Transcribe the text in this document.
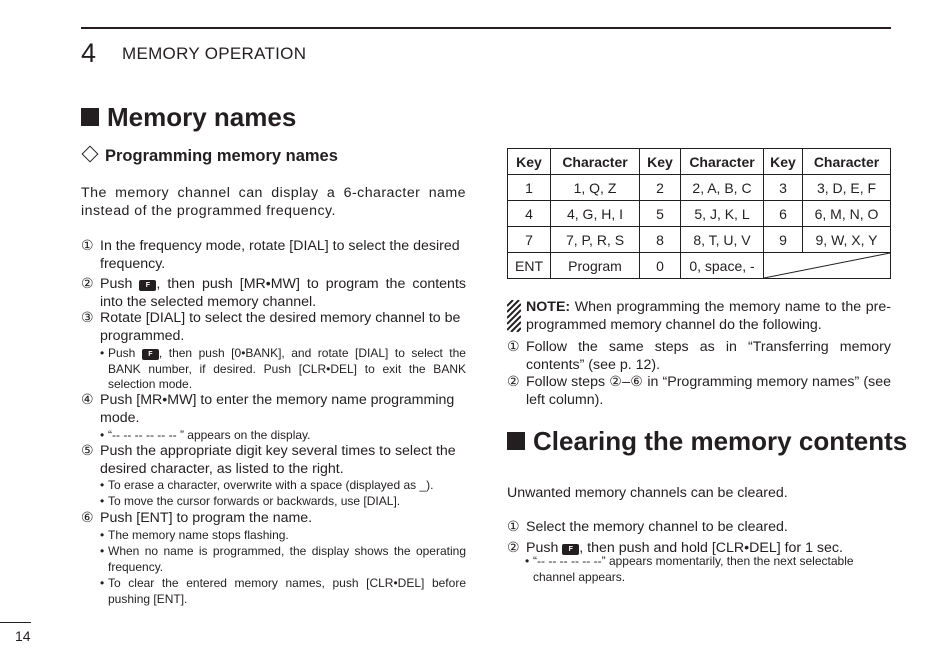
4 MEMORY OPERATION
Memory names
Programming memory names
The memory channel can display a 6-character name instead of the programmed frequency.
① In the frequency mode, rotate [DIAL] to select the desired frequency.
② Push F , then push [MR•MW] to program the contents into the selected memory channel.
③ Rotate [DIAL] to select the desired memory channel to be programmed.
• Push F , then push [0•BANK], and rotate [DIAL] to select the BANK number, if desired. Push [CLR•DEL] to exit the BANK selection mode.
④ Push [MR•MW] to enter the memory name programming mode.
• “-- -- -- -- -- -- ” appears on the display.
⑤ Push the appropriate digit key several times to select the desired character, as listed to the right.
• To erase a character, overwrite with a space (displayed as _).
• To move the cursor forwards or backwards, use [DIAL].
⑥ Push [ENT] to program the name.
• The memory name stops flashing.
• When no name is programmed, the display shows the operating frequency.
• To clear the entered memory names, push [CLR•DEL] before pushing [ENT].
Key	Character	Key	Character	Key	Character
1	1, Q, Z	2	2, A, B, C	3	3, D, E, F
4	4, G, H, I	5	5, J, K, L	6	6, M, N, O
7	7, P, R, S	8	8, T, U, V	9	9, W, X, Y
ENT	Program	0	0, space, -	
NOTE: When programming the memory name to the pre-programmed memory channel do the following.
① Follow the same steps as in “Transferring memory contents” (see p. 12).
② Follow steps ②–⑥ in “Programming memory names” (see left column).
Clearing the memory contents
Unwanted memory channels can be cleared.
① Select the memory channel to be cleared.
② Push F , then push and hold [CLR•DEL] for 1 sec.
• “-- -- -- -- -- --” appears momentarily, then the next selectable channel appears.
14
